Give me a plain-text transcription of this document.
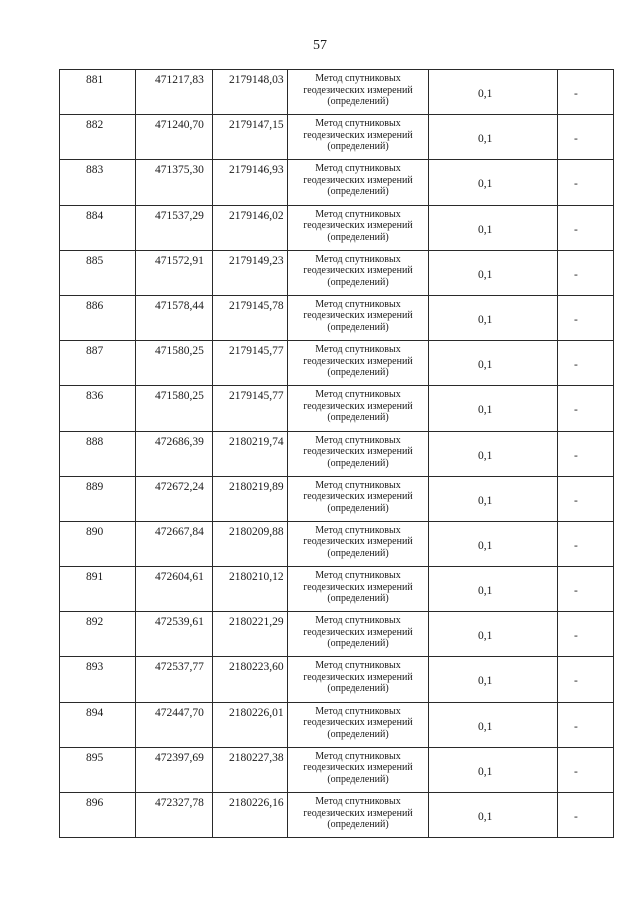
57
881	471217,83	2179148,03	Метод спутниковых геодезических измерений (определений)	0,1	-

882	471240,70	2179147,15	Метод спутниковых геодезических измерений (определений)	0,1	-

883	471375,30	2179146,93	Метод спутниковых геодезических измерений (определений)	0,1	-

884	471537,29	2179146,02	Метод спутниковых геодезических измерений (определений)	0,1	-

885	471572,91	2179149,23	Метод спутниковых геодезических измерений (определений)	0,1	-

886	471578,44	2179145,78	Метод спутниковых геодезических измерений (определений)	0,1	-

887	471580,25	2179145,77	Метод спутниковых геодезических измерений (определений)	0,1	-

836	471580,25	2179145,77	Метод спутниковых геодезических измерений (определений)	0,1	-

888	472686,39	2180219,74	Метод спутниковых геодезических измерений (определений)	0,1	-

889	472672,24	2180219,89	Метод спутниковых геодезических измерений (определений)	0,1	-

890	472667,84	2180209,88	Метод спутниковых геодезических измерений (определений)	0,1	-

891	472604,61	2180210,12	Метод спутниковых геодезических измерений (определений)	0,1	-

892	472539,61	2180221,29	Метод спутниковых геодезических измерений (определений)	0,1	-

893	472537,77	2180223,60	Метод спутниковых геодезических измерений (определений)	0,1	-

894	472447,70	2180226,01	Метод спутниковых геодезических измерений (определений)	0,1	-

895	472397,69	2180227,38	Метод спутниковых геодезических измерений (определений)	0,1	-

896	472327,78	2180226,16	Метод спутниковых геодезических измерений (определений)	0,1	-
